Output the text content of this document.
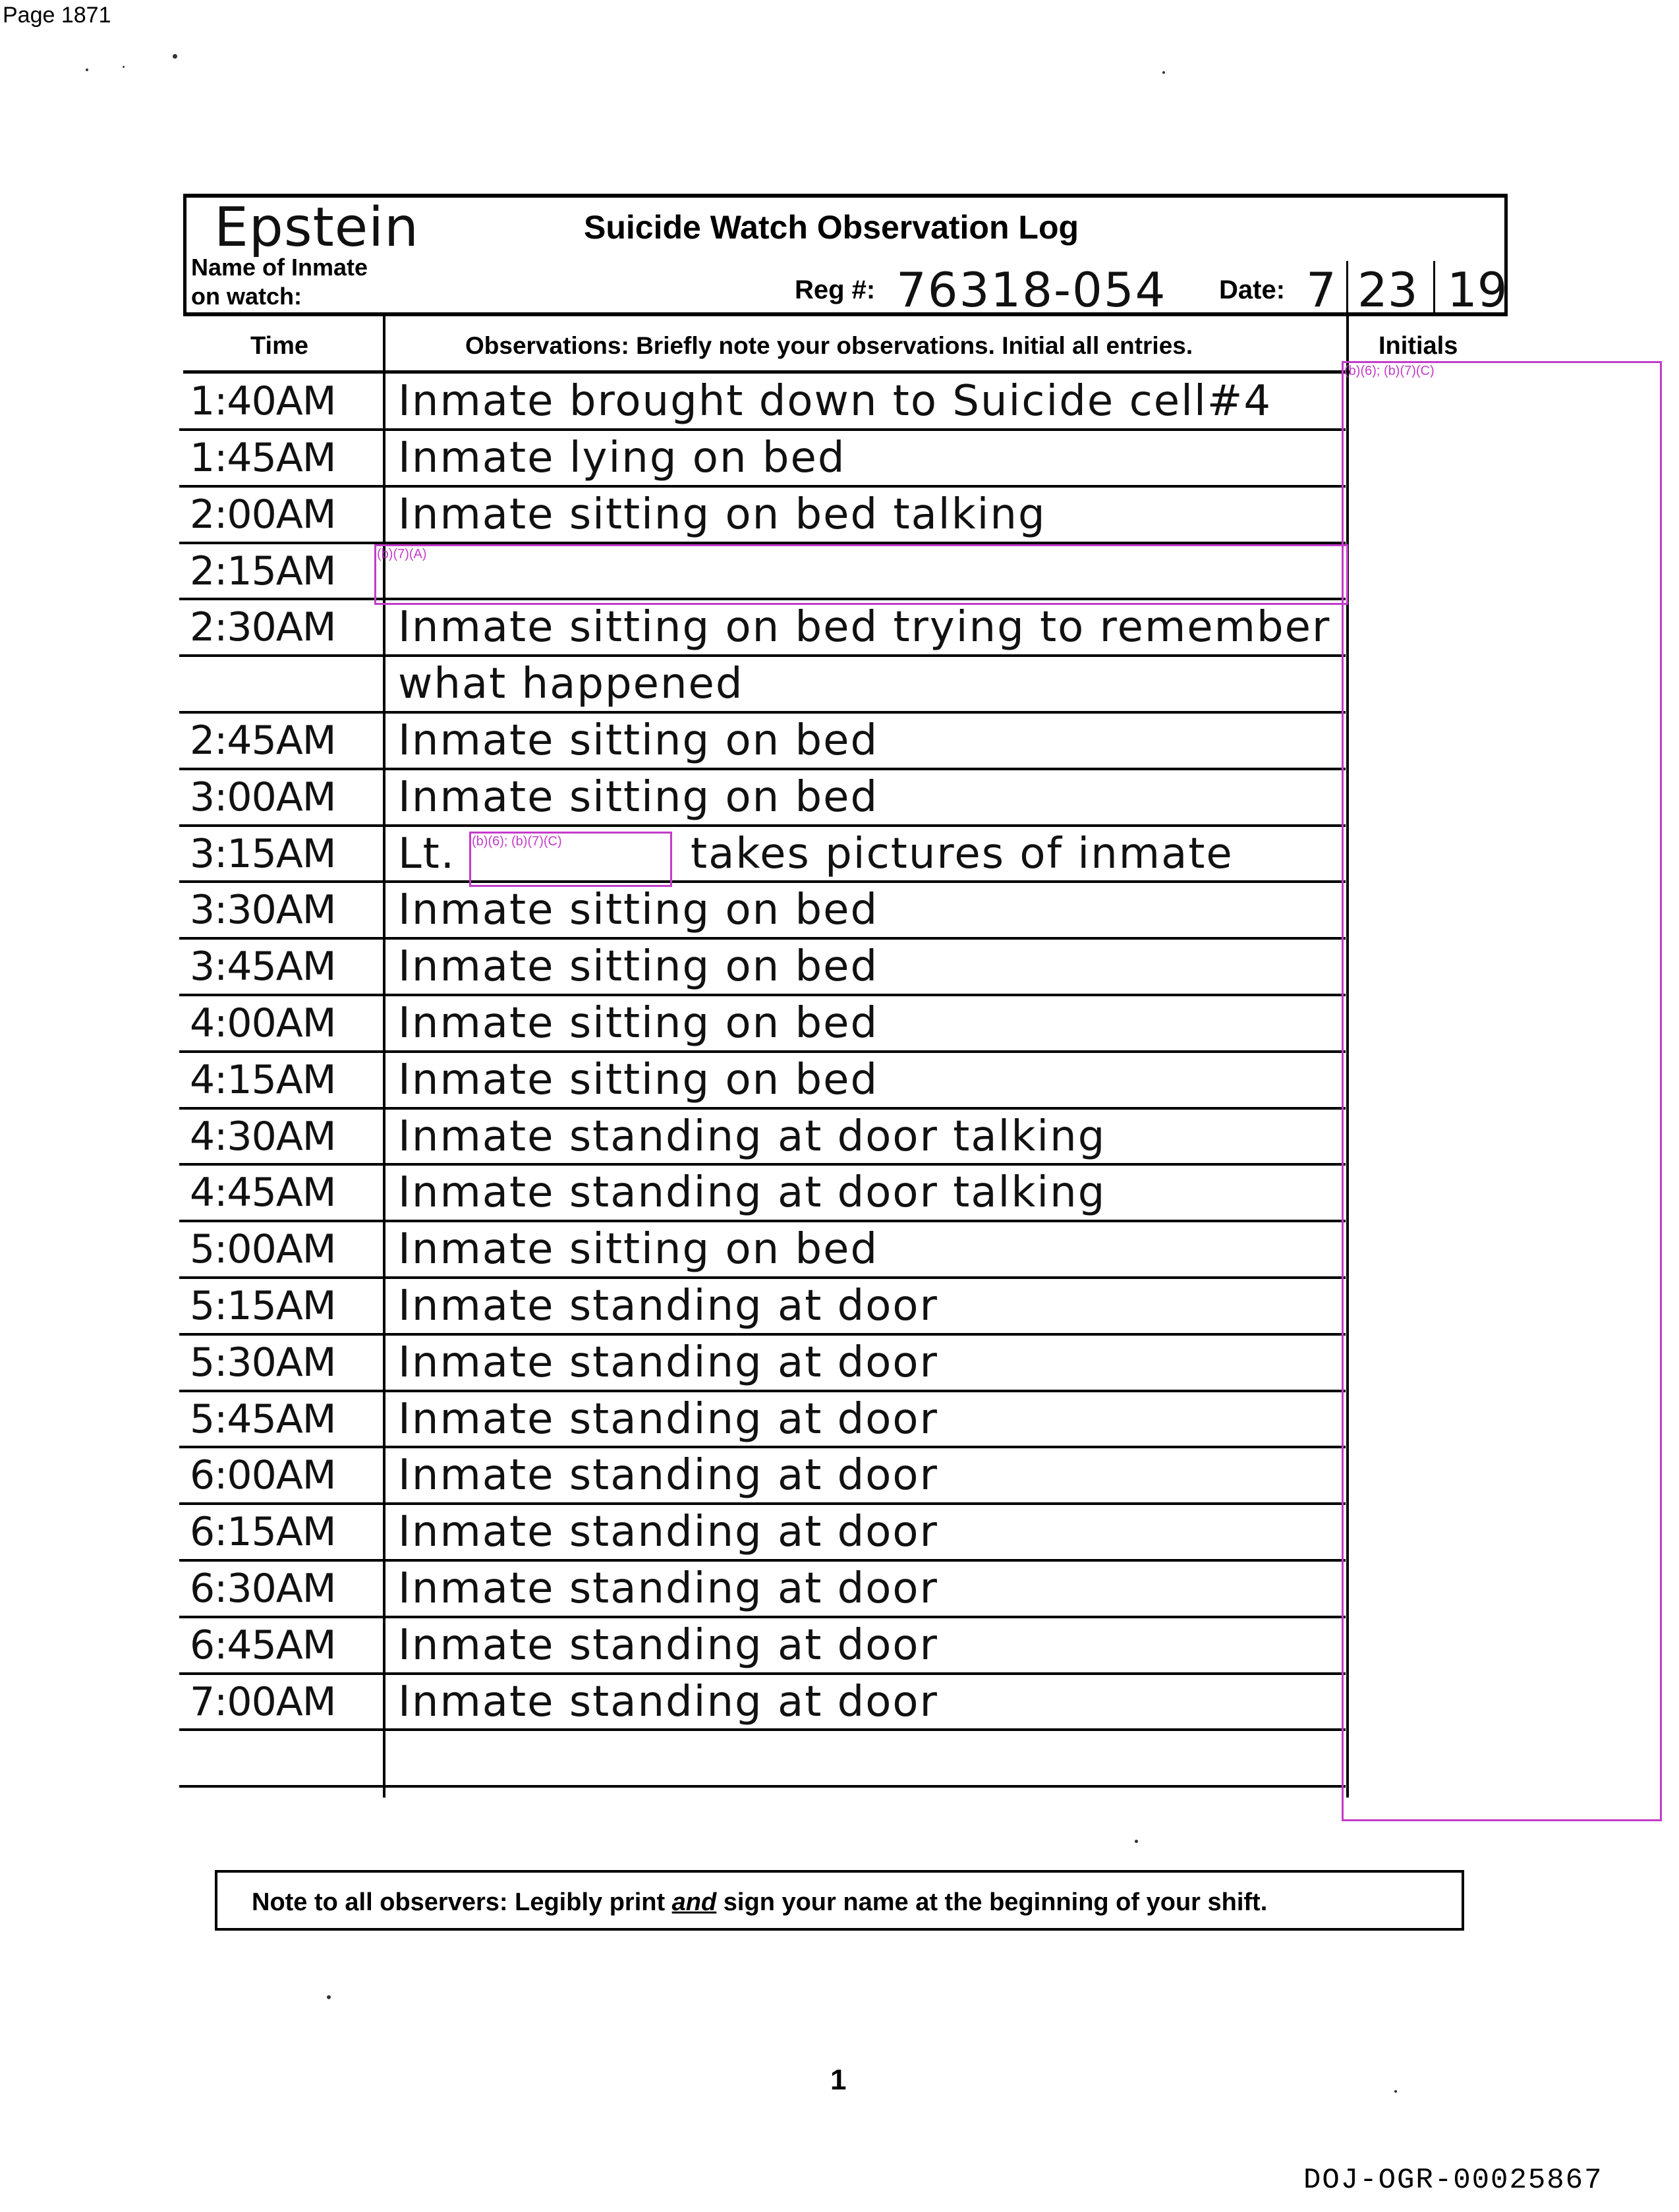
Page 1871
Epstein	Suicide Watch Observation Log
Name of Inmate
on watch:	Reg #: 76318-054 Date: 7 23 19
Time	Observations: Briefly note your observations. Initial all entries.	Initials
1:40AM Inmate brought down to Suicide cell#4
1:45AM Inmate lying on bed
2:00AM Inmate sitting on bed talking
2:15AM
2:30AM Inmate sitting on bed trying to remember
what happened
2:45AM Inmate sitting on bed
3:00AM Inmate sitting on bed
3:15AM Lt.	takes pictures of inmate
3:30AM Inmate sitting on bed
3:45AM Inmate sitting on bed
4:00AM Inmate sitting on bed
4:15AM Inmate sitting on bed
4:30AM Inmate standing at door talking
4:45AM Inmate standing at door talking
5:00AM Inmate sitting on bed
5:15AM Inmate standing at door
5:30AM Inmate standing at door
5:45AM Inmate standing at door
6:00AM Inmate standing at door
6:15AM Inmate standing at door
6:30AM Inmate standing at door
6:45AM Inmate standing at door
7:00AM Inmate standing at door
(b)(6); (b)(7)(C)
(b)(7)(A)
(b)(6); (b)(7)(C)
Note to all observers: Legibly print and sign your name at the beginning of your shift.
1
DOJ-OGR-00025867
